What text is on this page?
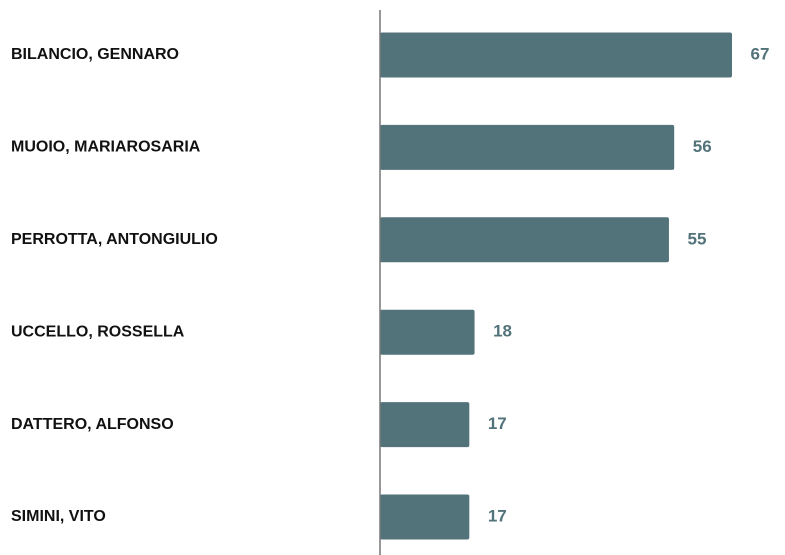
BILANCIO, GENNARO
MUOIO, MARIAROSARIA
PERROTTA, ANTONGIULIO
UCCELLO, ROSSELLA
DATTERO, ALFONSO
SIMINI, VITO
67
56
55
18
17
17
